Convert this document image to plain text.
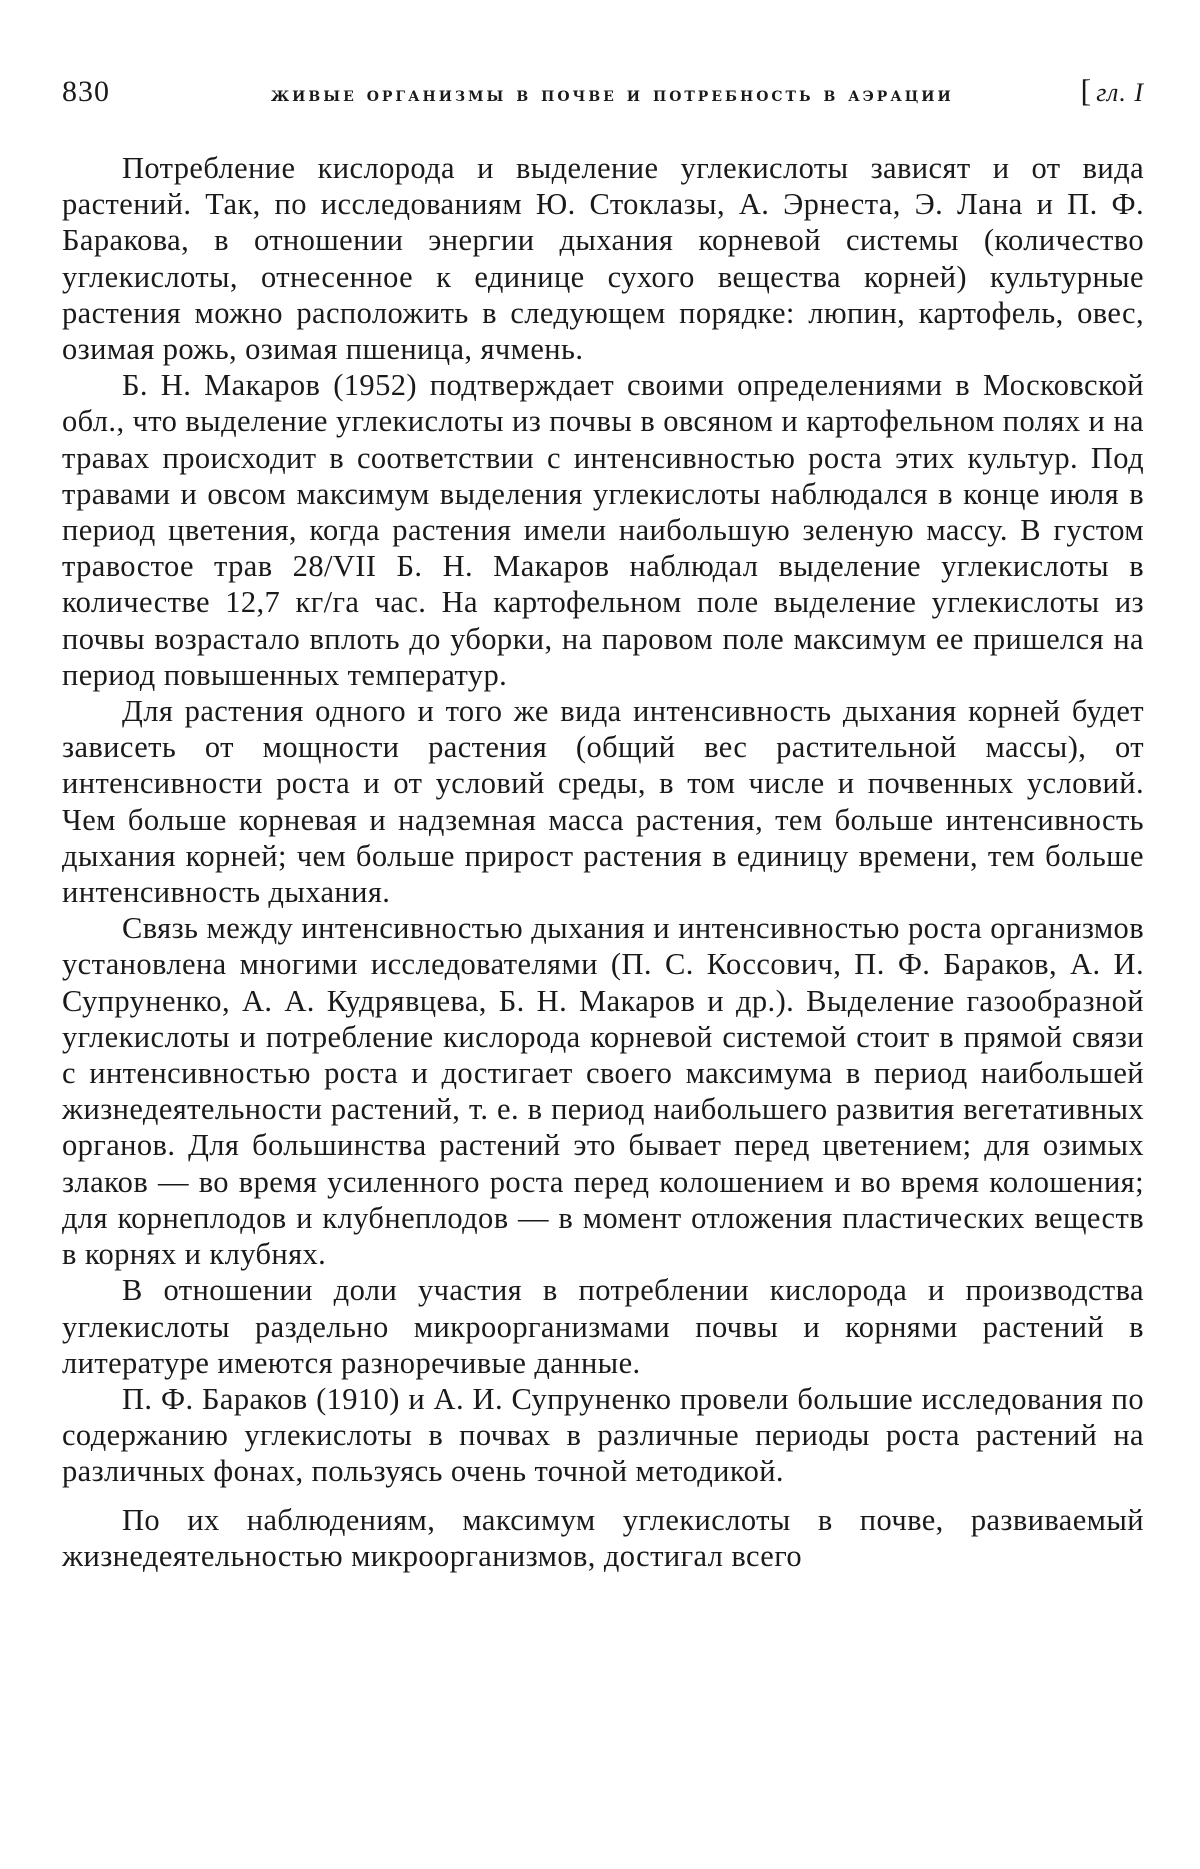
830	живые организмы в почве и потребность в аэрации
[	гл. I

Потребление кислорода и выделение углекислоты зависят и от вида растений. Так, по исследованиям Ю. Стоклазы, А. Эрнеста, Э. Лана и П. Ф. Баракова, в отношении энергии дыхания корневой системы (количество углекислоты, отнесенное к единице сухого вещества корней) культурные растения можно расположить в следующем порядке: люпин, картофель, овес, озимая рожь, озимая пшеница, ячмень.

Б. Н. Макаров (1952) подтверждает своими определениями в Московской обл., что выделение углекислоты из почвы в овсяном и картофельном полях и на травах происходит в соответствии с интенсивностью роста этих культур. Под травами и овсом максимум выделения углекислоты наблюдался в конце июля в период цветения, когда растения имели наибольшую зеленую массу. В густом травостое трав 28/VII Б. Н. Макаров наблюдал выделение углекислоты в количестве 12,7 кг/га час. На картофельном поле выделение углекислоты из почвы возрастало вплоть до уборки, на паровом поле максимум ее пришелся на период повышенных температур.

Для растения одного и того же вида интенсивность дыхания корней будет зависеть от мощности растения (общий вес растительной массы), от интенсивности роста и от условий среды, в том числе и почвенных условий. Чем больше корневая и надземная масса растения, тем больше интенсивность дыхания корней; чем больше прирост растения в единицу времени, тем больше интенсивность дыхания.

Связь между интенсивностью дыхания и интенсивностью роста организмов установлена многими исследователями (П. С. Коссович, П. Ф. Бараков, А. И. Супруненко, А. А. Кудрявцева, Б. Н. Макаров и др.). Выделение газообразной углекислоты и потребление кислорода корневой системой стоит в прямой связи с интенсивностью роста и достигает своего максимума в период наибольшей жизнедеятельности растений, т. е. в период наибольшего развития вегетативных органов. Для большинства растений это бывает перед цветением; для озимых злаков — во время усиленного роста перед колошением и во время колошения; для корнеплодов и клубнеплодов — в момент отложения пластических веществ в корнях и клубнях.

В отношении доли участия в потреблении кислорода и производства углекислоты раздельно микроорганизмами почвы и корнями растений в литературе имеются разноречивые данные.

П. Ф. Бараков (1910) и А. И. Супруненко провели большие исследования по содержанию углекислоты в почвах в различные периоды роста растений на различных фонах, пользуясь очень точной методикой.

По их наблюдениям, максимум углекислоты в почве, развиваемый жизнедеятельностью микроорганизмов, достигал всего
